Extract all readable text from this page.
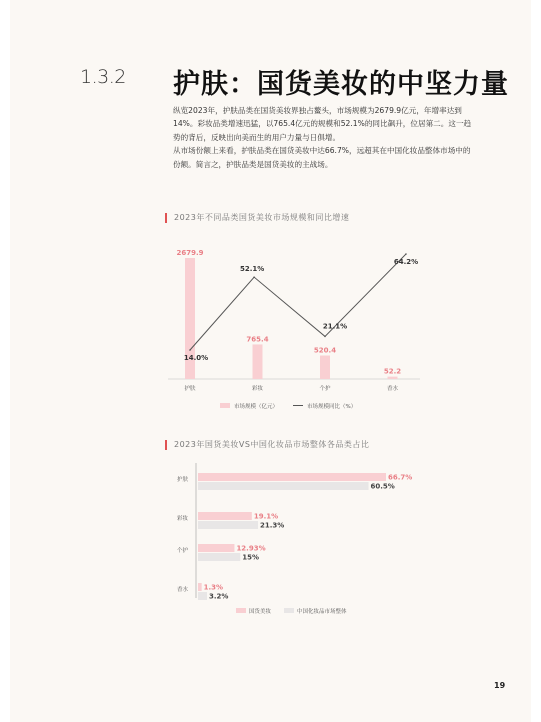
1.3.2 护肤：国货美妆的中坚力量

纵览2023年，护肤品类在国货美妆界独占鳌头，市场规模为2679.9亿元，年增率达到14%。彩妆品类增速迅猛，以765.4亿元的规模和52.1%的同比飙升，位居第二。这一趋势的背后，反映出向美而生的用户力量与日俱增。

从市场份额上来看，护肤品类在国货美妆中达66.7%，远超其在中国化妆品整体市场中的份额。简言之，护肤品类是国货美妆的主战场。

2023年不同品类国货美妆市场规模和同比增速
2679.9
护肤
765.4
彩妆
520.4
个护
52.2
香水
14.0%
52.1%
21.1%
64.2%
市场规模（亿元）	市场规模同比（%）
2023年国货美妆VS中国化妆品市场整体各品类占比
护肤	66.7%
60.5%
彩妆	19.1%
21.3%
个护	12.93%
15%
香水 1.3%
3.2%
国货美妆	中国化妆品市场整体
19
